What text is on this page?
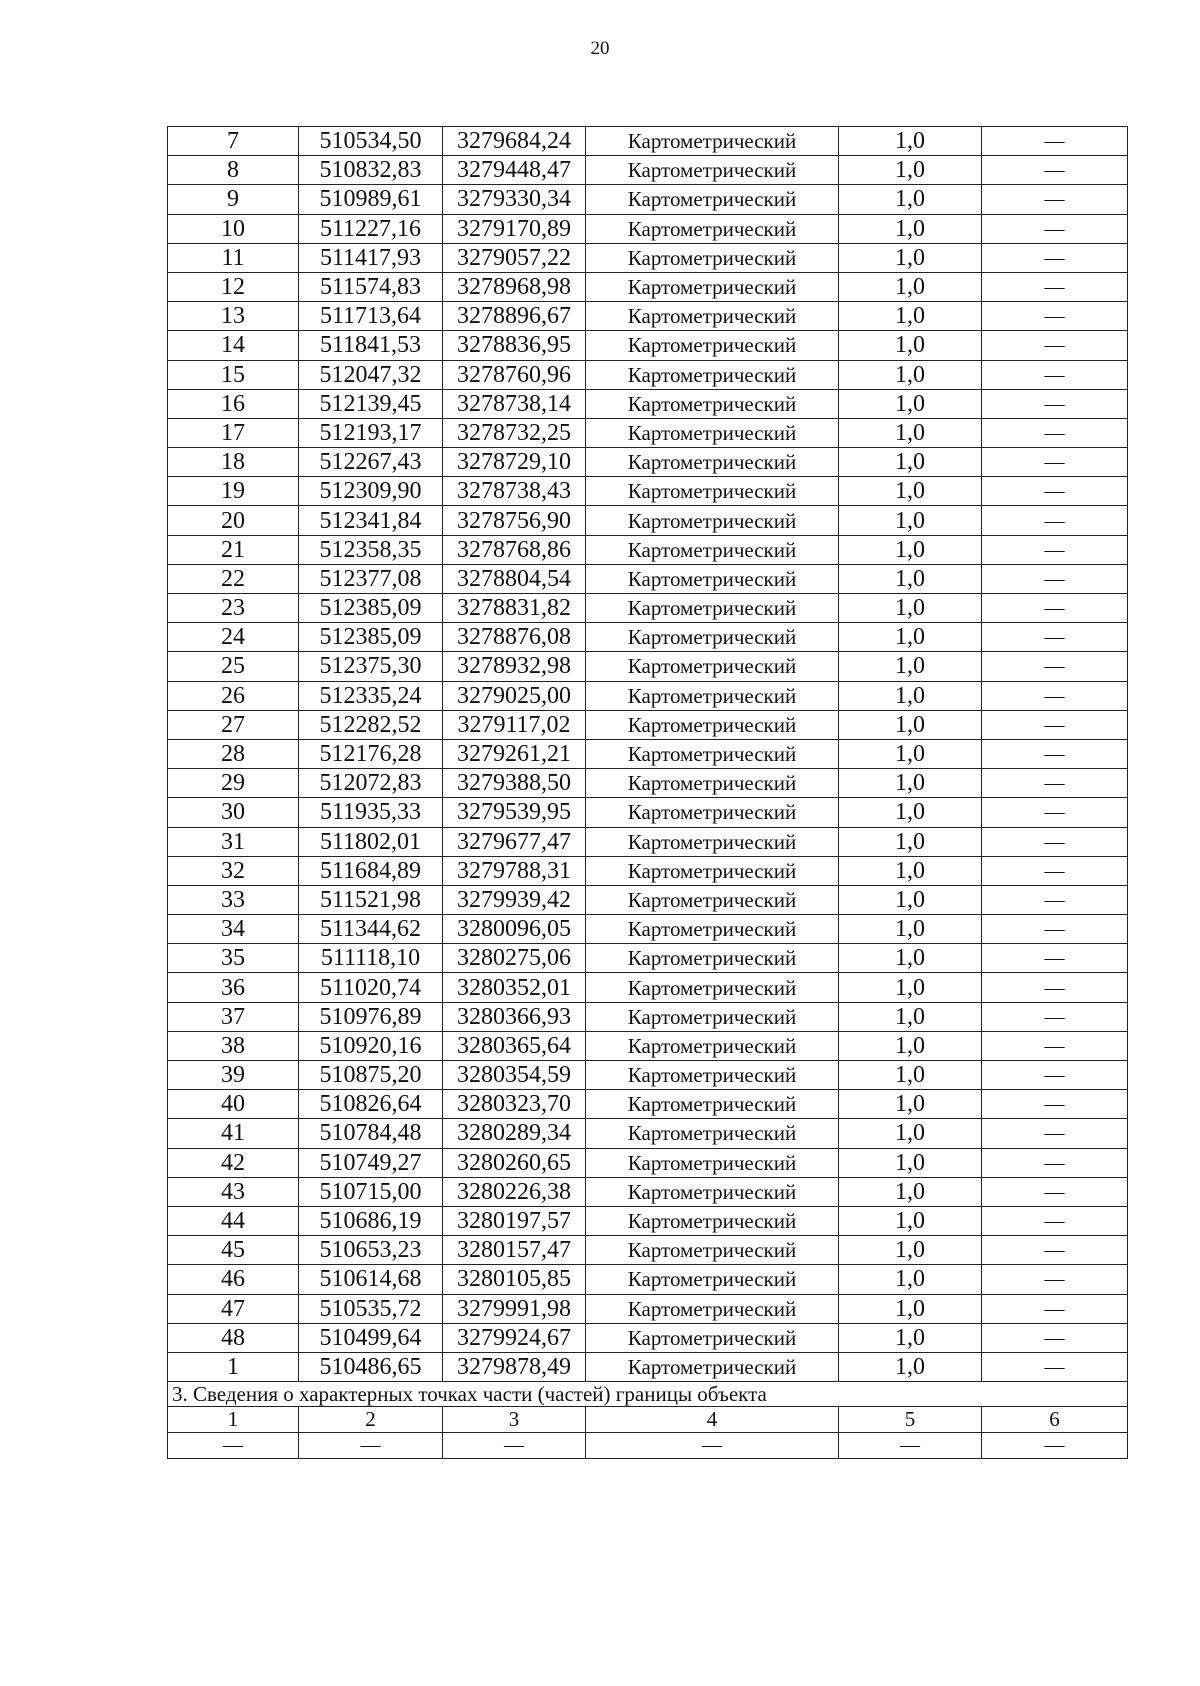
20
7	510534,50	3279684,24	Картометрический	1,0	—
8	510832,83	3279448,47	Картометрический	1,0	—
9	510989,61	3279330,34	Картометрический	1,0	—
10	511227,16	3279170,89	Картометрический	1,0	—
11	511417,93	3279057,22	Картометрический	1,0	—
12	511574,83	3278968,98	Картометрический	1,0	—
13	511713,64	3278896,67	Картометрический	1,0	—
14	511841,53	3278836,95	Картометрический	1,0	—
15	512047,32	3278760,96	Картометрический	1,0	—
16	512139,45	3278738,14	Картометрический	1,0	—
17	512193,17	3278732,25	Картометрический	1,0	—
18	512267,43	3278729,10	Картометрический	1,0	—
19	512309,90	3278738,43	Картометрический	1,0	—
20	512341,84	3278756,90	Картометрический	1,0	—
21	512358,35	3278768,86	Картометрический	1,0	—
22	512377,08	3278804,54	Картометрический	1,0	—
23	512385,09	3278831,82	Картометрический	1,0	—
24	512385,09	3278876,08	Картометрический	1,0	—
25	512375,30	3278932,98	Картометрический	1,0	—
26	512335,24	3279025,00	Картометрический	1,0	—
27	512282,52	3279117,02	Картометрический	1,0	—
28	512176,28	3279261,21	Картометрический	1,0	—
29	512072,83	3279388,50	Картометрический	1,0	—
30	511935,33	3279539,95	Картометрический	1,0	—
31	511802,01	3279677,47	Картометрический	1,0	—
32	511684,89	3279788,31	Картометрический	1,0	—
33	511521,98	3279939,42	Картометрический	1,0	—
34	511344,62	3280096,05	Картометрический	1,0	—
35	511118,10	3280275,06	Картометрический	1,0	—
36	511020,74	3280352,01	Картометрический	1,0	—
37	510976,89	3280366,93	Картометрический	1,0	—
38	510920,16	3280365,64	Картометрический	1,0	—
39	510875,20	3280354,59	Картометрический	1,0	—
40	510826,64	3280323,70	Картометрический	1,0	—
41	510784,48	3280289,34	Картометрический	1,0	—
42	510749,27	3280260,65	Картометрический	1,0	—
43	510715,00	3280226,38	Картометрический	1,0	—
44	510686,19	3280197,57	Картометрический	1,0	—
45	510653,23	3280157,47	Картометрический	1,0	—
46	510614,68	3280105,85	Картометрический	1,0	—
47	510535,72	3279991,98	Картометрический	1,0	—
48	510499,64	3279924,67	Картометрический	1,0	—
1	510486,65	3279878,49	Картометрический	1,0	—
3. Сведения о характерных точках части (частей) границы объекта					
1	2	3	4	5	6
—	—	—	—	—	—
